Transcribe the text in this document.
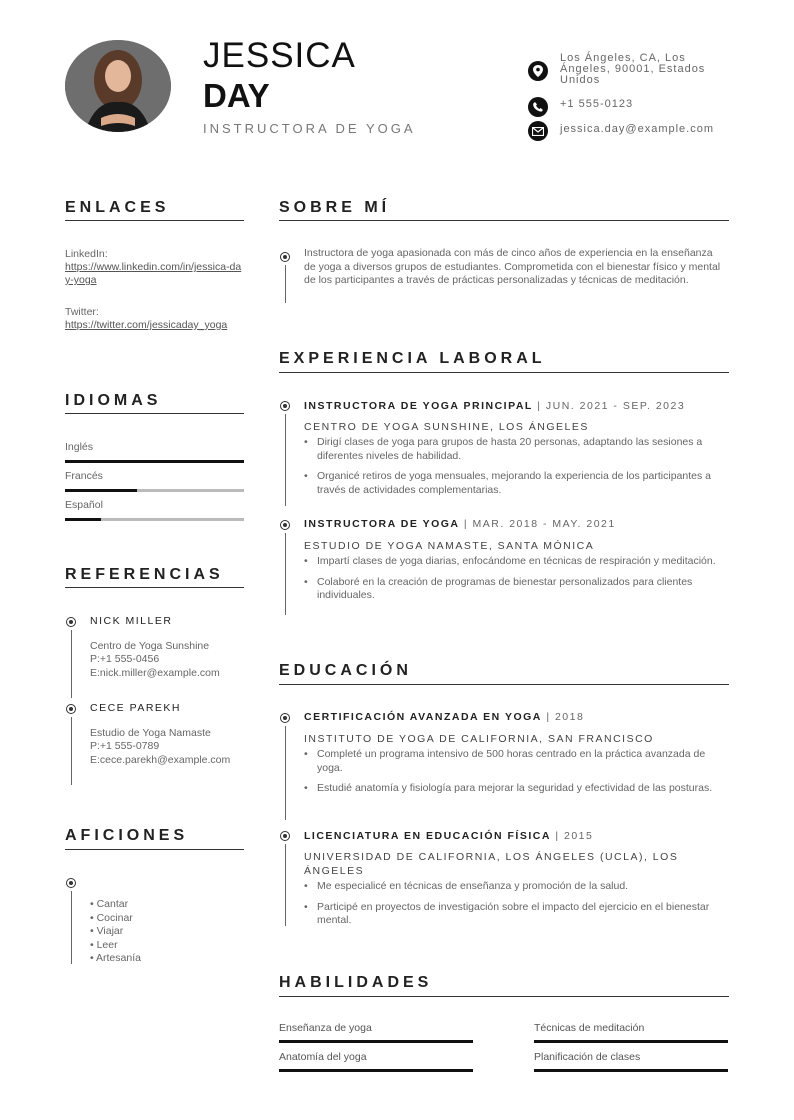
JESSICA
DAY
INSTRUCTORA DE YOGA
Los Ángeles, CA, Los Ángeles, 90001, Estados Unidos
+1 555-0123
jessica.day@example.com
ENLACES
LinkedIn:
https://www.linkedin.com/in/jessica-day-yoga
Twitter:
https://twitter.com/jessicaday_yoga
IDIOMAS
Inglés
Francés
Español
REFERENCIAS
NICK MILLER
Centro de Yoga Sunshine
P:+1 555-0456
E:nick.miller@example.com
CECE PAREKH
Estudio de Yoga Namaste
P:+1 555-0789
E:cece.parekh@example.com
AFICIONES
• Cantar
• Cocinar
• Viajar
• Leer
• Artesanía
SOBRE MÍ
Instructora de yoga apasionada con más de cinco años de experiencia en la enseñanza de yoga a diversos grupos de estudiantes. Comprometida con el bienestar físico y mental de los participantes a través de prácticas personalizadas y técnicas de meditación.
EXPERIENCIA LABORAL
INSTRUCTORA DE YOGA PRINCIPAL | JUN. 2021 - SEP. 2023
CENTRO DE YOGA SUNSHINE, LOS ÁNGELES
• Dirigí clases de yoga para grupos de hasta 20 personas, adaptando las sesiones a diferentes niveles de habilidad.
• Organicé retiros de yoga mensuales, mejorando la experiencia de los participantes a través de actividades complementarias.
INSTRUCTORA DE YOGA | MAR. 2018 - MAY. 2021
ESTUDIO DE YOGA NAMASTE, SANTA MÓNICA
• Impartí clases de yoga diarias, enfocándome en técnicas de respiración y meditación.
• Colaboré en la creación de programas de bienestar personalizados para clientes individuales.
EDUCACIÓN
CERTIFICACIÓN AVANZADA EN YOGA | 2018
INSTITUTO DE YOGA DE CALIFORNIA, SAN FRANCISCO
• Completé un programa intensivo de 500 horas centrado en la práctica avanzada de yoga.
• Estudié anatomía y fisiología para mejorar la seguridad y efectividad de las posturas.
LICENCIATURA EN EDUCACIÓN FÍSICA | 2015
UNIVERSIDAD DE CALIFORNIA, LOS ÁNGELES (UCLA), LOS ÁNGELES
• Me especialicé en técnicas de enseñanza y promoción de la salud.
• Participé en proyectos de investigación sobre el impacto del ejercicio en el bienestar mental.
HABILIDADES
Enseñanza de yoga	Técnicas de meditación
Anatomía del yoga	Planificación de clases
